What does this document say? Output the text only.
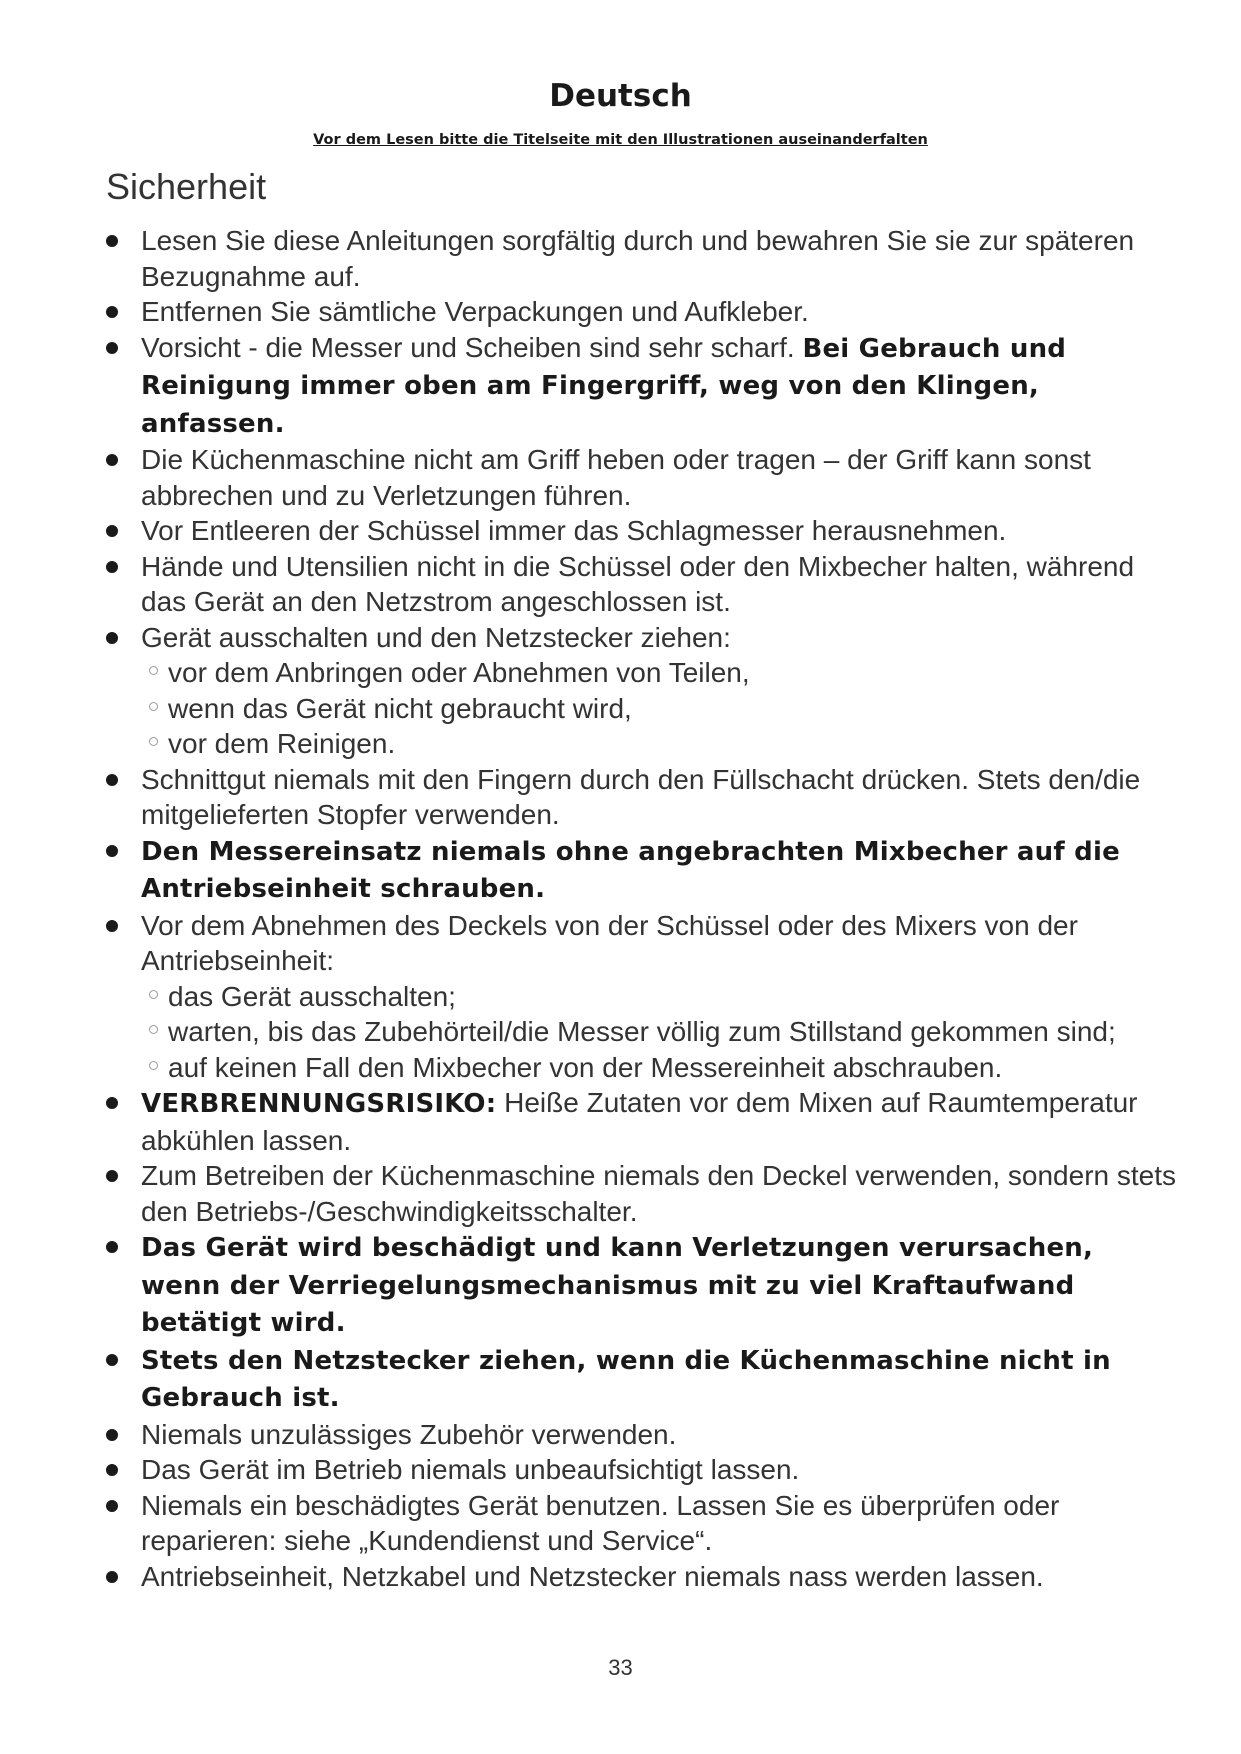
Deutsch
Vor dem Lesen bitte die Titelseite mit den Illustrationen auseinanderfalten
Sicherheit
Lesen Sie diese Anleitungen sorgfältig durch und bewahren Sie sie zur späteren Bezugnahme auf.
Entfernen Sie sämtliche Verpackungen und Aufkleber.
Vorsicht - die Messer und Scheiben sind sehr scharf. Bei Gebrauch und Reinigung immer oben am Fingergriff, weg von den Klingen, anfassen.
Die Küchenmaschine nicht am Griff heben oder tragen – der Griff kann sonst abbrechen und zu Verletzungen führen.
Vor Entleeren der Schüssel immer das Schlagmesser herausnehmen.
Hände und Utensilien nicht in die Schüssel oder den Mixbecher halten, während das Gerät an den Netzstrom angeschlossen ist.
Gerät ausschalten und den Netzstecker ziehen:
vor dem Anbringen oder Abnehmen von Teilen,
wenn das Gerät nicht gebraucht wird,
vor dem Reinigen.
Schnittgut niemals mit den Fingern durch den Füllschacht drücken. Stets den/die mitgelieferten Stopfer verwenden.
Den Messereinsatz niemals ohne angebrachten Mixbecher auf die Antriebseinheit schrauben.
Vor dem Abnehmen des Deckels von der Schüssel oder des Mixers von der Antriebseinheit:
das Gerät ausschalten;
warten, bis das Zubehörteil/die Messer völlig zum Stillstand gekommen sind;
auf keinen Fall den Mixbecher von der Messereinheit abschrauben.
VERBRENNUNGSRISIKO: Heiße Zutaten vor dem Mixen auf Raumtemperatur abkühlen lassen.
Zum Betreiben der Küchenmaschine niemals den Deckel verwenden, sondern stets den Betriebs-/Geschwindigkeitsschalter.
Das Gerät wird beschädigt und kann Verletzungen verursachen, wenn der Verriegelungsmechanismus mit zu viel Kraftaufwand betätigt wird.
Stets den Netzstecker ziehen, wenn die Küchenmaschine nicht in Gebrauch ist.
Niemals unzulässiges Zubehör verwenden.
Das Gerät im Betrieb niemals unbeaufsichtigt lassen.
Niemals ein beschädigtes Gerät benutzen. Lassen Sie es überprüfen oder reparieren: siehe „Kundendienst und Service“.
Antriebseinheit, Netzkabel und Netzstecker niemals nass werden lassen.
33
